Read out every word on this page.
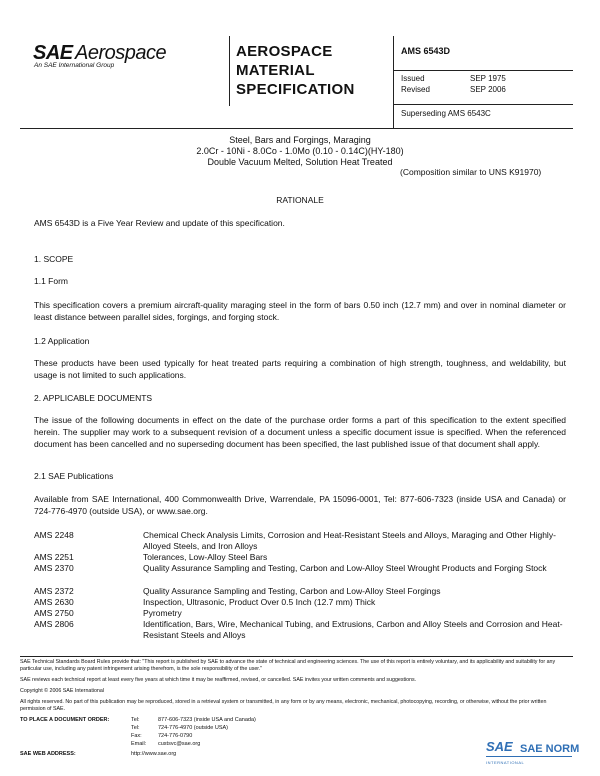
SAE Aerospace
An SAE International Group
AEROSPACE
MATERIAL
SPECIFICATION
AMS 6543D
Issued	SEP 1975
Revised	SEP 2006
Superseding AMS 6543C
Steel, Bars and Forgings, Maraging
2.0Cr - 10Ni - 8.0Co - 1.0Mo (0.10 - 0.14C)(HY-180)
Double Vacuum Melted, Solution Heat Treated
(Composition similar to UNS K91970)
RATIONALE
AMS 6543D is a Five Year Review and update of this specification.
1. SCOPE
1.1 Form
This specification covers a premium aircraft-quality maraging steel in the form of bars 0.50 inch (12.7 mm) and over in nominal diameter or least distance between parallel sides, forgings, and forging stock.
1.2 Application
These products have been used typically for heat treated parts requiring a combination of high strength, toughness, and weldability, but usage is not limited to such applications.
2. APPLICABLE DOCUMENTS
The issue of the following documents in effect on the date of the purchase order forms a part of this specification to the extent specified herein. The supplier may work to a subsequent revision of a document unless a specific document issue is specified. When the referenced document has been cancelled and no superseding document has been specified, the last published issue of that document shall apply.
2.1 SAE Publications
Available from SAE International, 400 Commonwealth Drive, Warrendale, PA 15096-0001, Tel: 877-606-7323 (inside USA and Canada) or 724-776-4970 (outside USA), or www.sae.org.
AMS 2248	Chemical Check Analysis Limits, Corrosion and Heat-Resistant Steels and Alloys, Maraging and Other Highly-Alloyed Steels, and Iron Alloys
AMS 2251	Tolerances, Low-Alloy Steel Bars
AMS 2370	Quality Assurance Sampling and Testing, Carbon and Low-Alloy Steel Wrought Products and Forging Stock
AMS 2372	Quality Assurance Sampling and Testing, Carbon and Low-Alloy Steel Forgings
AMS 2630	Inspection, Ultrasonic, Product Over 0.5 Inch (12.7 mm) Thick
AMS 2750	Pyrometry
AMS 2806	Identification, Bars, Wire, Mechanical Tubing, and Extrusions, Carbon and Alloy Steels and Corrosion and Heat-Resistant Steels and Alloys
SAE Technical Standards Board Rules provide that: "This report is published by SAE to advance the state of technical and engineering sciences. The use of this report is entirely voluntary, and its applicability and suitability for any particular use, including any patent infringement arising therefrom, is the sole responsibility of the user."
SAE reviews each technical report at least every five years at which time it may be reaffirmed, revised, or cancelled. SAE invites your written comments and suggestions.
Copyright © 2006 SAE International
All rights reserved. No part of this publication may be reproduced, stored in a retrieval system or transmitted, in any form or by any means, electronic, mechanical, photocopying, recording, or otherwise, without the prior written permission of SAE.
TO PLACE A DOCUMENT ORDER:	Tel:	877-606-7323 (inside USA and Canada)
Tel:	724-776-4970 (outside USA)
Fax:	724-776-0790
Email: custsvc@sae.org
SAE WEB ADDRESS:	http://www.sae.org	SAE SAE NORM
INTERNATIONAL
